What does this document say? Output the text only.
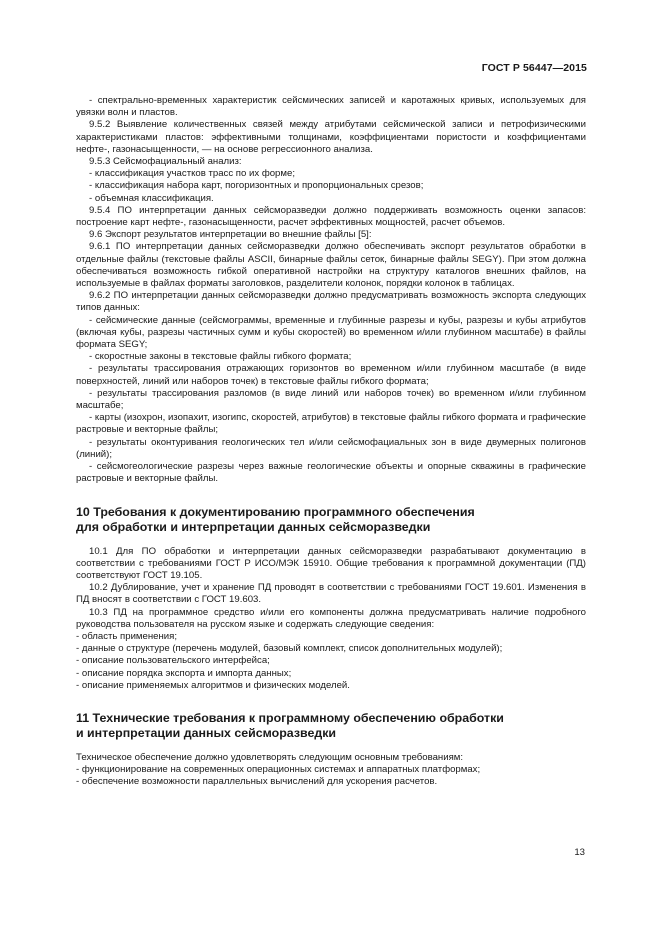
ГОСТ Р 56447—2015

- спектрально-временных характеристик сейсмических записей и каротажных кривых, используемых для увязки волн и пластов.

9.5.2 Выявление количественных связей между атрибутами сейсмической записи и петрофизическими характеристиками пластов: эффективными толщинами, коэффициентами пористости и коэффициентами нефте-, газонасыщенности, — на основе регрессионного анализа.

9.5.3 Сейсмофациальный анализ:

- классификация участков трасс по их форме;

- классификация набора карт, погоризонтных и пропорциональных срезов;

- объемная классификация.

9.5.4 ПО интерпретации данных сейсморазведки должно поддерживать возможность оценки запасов: построение карт нефте-, газонасыщенности, расчет эффективных мощностей, расчет объемов.

9.6 Экспорт результатов интерпретации во внешние файлы [5]:

9.6.1 ПО интерпретации данных сейсморазведки должно обеспечивать экспорт результатов обработки в отдельные файлы (текстовые файлы ASCII, бинарные файлы сеток, бинарные файлы SEGY). При этом должна обеспечиваться возможность гибкой оперативной настройки на структуру каталогов внешних файлов, на используемые в файлах форматы заголовков, разделители колонок, порядки колонок в таблицах.

9.6.2 ПО интерпретации данных сейсморазведки должно предусматривать возможность экспорта следующих типов данных:

- сейсмические данные (сейсмограммы, временные и глубинные разрезы и кубы, разрезы и кубы атрибутов (включая кубы, разрезы частичных сумм и кубы скоростей) во временном и/или глубинном масштабе) в файлы формата SEGY;

- скоростные законы в текстовые файлы гибкого формата;

- результаты трассирования отражающих горизонтов во временном и/или глубинном масштабе (в виде поверхностей, линий или наборов точек) в текстовые файлы гибкого формата;

- результаты трассирования разломов (в виде линий или наборов точек) во временном и/или глубинном масштабе;

- карты (изохрон, изопахит, изогипс, скоростей, атрибутов) в текстовые файлы гибкого формата и графические растровые и векторные файлы;

- результаты оконтуривания геологических тел и/или сейсмофациальных зон в виде двумерных полигонов (линий);

- сейсмогеологические разрезы через важные геологические объекты и опорные скважины в графические растровые и векторные файлы.

10 Требования к документированию программного обеспечения
для обработки и интерпретации данных сейсморазведки

10.1 Для ПО обработки и интерпретации данных сейсморазведки разрабатывают документацию в соответствии с требованиями ГОСТ Р ИСО/МЭК 15910. Общие требования к программной документации (ПД) соответствуют ГОСТ 19.105.

10.2 Дублирование, учет и хранение ПД проводят в соответствии с требованиями ГОСТ 19.601. Изменения в ПД вносят в соответствии с ГОСТ 19.603.

10.3 ПД на программное средство и/или его компоненты должна предусматривать наличие подробного руководства пользователя на русском языке и содержать следующие сведения:

- область применения;

- данные о структуре (перечень модулей, базовый комплект, список дополнительных модулей);

- описание пользовательского интерфейса;

- описание порядка экспорта и импорта данных;

- описание применяемых алгоритмов и физических моделей.

11 Технические требования к программному обеспечению обработки
и интерпретации данных сейсморазведки

Техническое обеспечение должно удовлетворять следующим основным требованиям:

- функционирование на современных операционных системах и аппаратных платформах;

- обеспечение возможности параллельных вычислений для ускорения расчетов.

13
